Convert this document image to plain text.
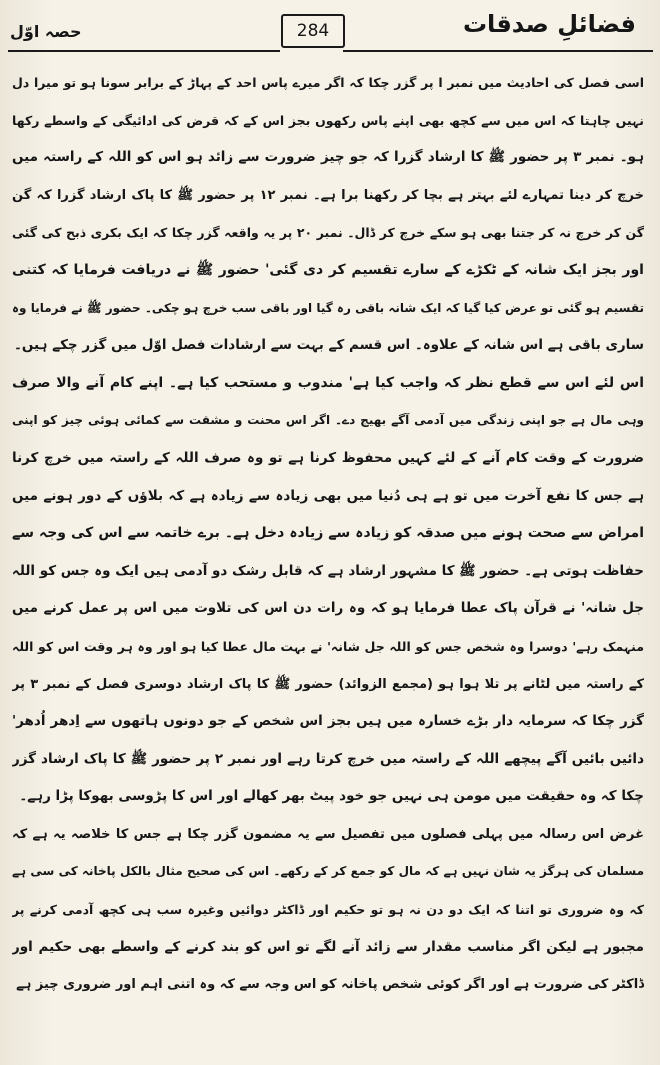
فضائلِ صدقات
284
حصہ اوّل
اسی فصل کی احادیث میں نمبر ا پر گزر چکا کہ اگر میرے پاس احد کے پہاڑ کے برابر سونا ہو تو میرا دل
نہیں چاہتا کہ اس میں سے کچھ بھی اپنے پاس رکھوں بجز اس کے کہ قرض کی ادائیگی کے واسطے رکھا
ہو۔ نمبر ۳ پر حضور ﷺ کا ارشاد گزرا کہ جو چیز ضرورت سے زائد ہو اس کو اللہ کے راستہ میں
خرچ کر دینا تمہارے لئے بہتر ہے بچا کر رکھنا برا ہے۔ نمبر ۱۲ پر حضور ﷺ کا پاک ارشاد گزرا کہ گن
گن کر خرچ نہ کر جتنا بھی ہو سکے خرچ کر ڈال۔ نمبر ۲۰ پر یہ واقعہ گزر چکا کہ ایک بکری ذبح کی گئی
اور بجز ایک شانہ کے ٹکڑے کے سارے تقسیم کر دی گئی' حضور ﷺ نے دریافت فرمایا کہ کتنی
تقسیم ہو گئی تو عرض کیا گیا کہ ایک شانہ باقی رہ گیا اور باقی سب خرچ ہو چکی۔ حضور ﷺ نے فرمایا وہ
ساری باقی ہے اس شانہ کے علاوہ۔ اس قسم کے بہت سے ارشادات فصل اوّل میں گزر چکے ہیں۔
اس لئے اس سے قطع نظر کہ واجب کیا ہے' مندوب و مستحب کیا ہے۔ اپنے کام آنے والا صرف
وہی مال ہے جو اپنی زندگی میں آدمی آگے بھیج دے۔ اگر اس محنت و مشقت سے کمائی ہوئی چیز کو اپنی
ضرورت کے وقت کام آنے کے لئے کہیں محفوظ کرنا ہے تو وہ صرف اللہ کے راستہ میں خرچ کرنا
ہے جس کا نفع آخرت میں تو ہے ہی دُنیا میں بھی زیادہ سے زیادہ ہے کہ بلاؤں کے دور ہونے میں
امراض سے صحت ہونے میں صدقہ کو زیادہ سے زیادہ دخل ہے۔ برے خاتمہ سے اس کی وجہ سے
حفاظت ہوتی ہے۔ حضور ﷺ کا مشہور ارشاد ہے کہ قابل رشک دو آدمی ہیں ایک وہ جس کو اللہ
جل شانہ' نے قرآن پاک عطا فرمایا ہو کہ وہ رات دن اس کی تلاوت میں اس پر عمل کرنے میں
منہمک رہے' دوسرا وہ شخص جس کو اللہ جل شانہ' نے بہت مال عطا کیا ہو اور وہ ہر وقت اس کو اللہ
کے راستہ میں لٹانے پر تلا ہوا ہو (مجمع الزوائد) حضور ﷺ کا پاک ارشاد دوسری فصل کے نمبر ۳ پر
گزر چکا کہ سرمایہ دار بڑے خسارہ میں ہیں بجز اس شخص کے جو دونوں ہاتھوں سے اِدھر اُدھر'
دائیں بائیں آگے پیچھے اللہ کے راستہ میں خرچ کرتا رہے اور نمبر ۲ پر حضور ﷺ کا پاک ارشاد گزر
چکا کہ وہ حقیقت میں مومن ہی نہیں جو خود پیٹ بھر کھالے اور اس کا پڑوسی بھوکا پڑا رہے۔
غرض اس رسالہ میں پہلی فصلوں میں تفصیل سے یہ مضمون گزر چکا ہے جس کا خلاصہ یہ ہے کہ
مسلمان کی ہرگز یہ شان نہیں ہے کہ مال کو جمع کر کے رکھے۔ اس کی صحیح مثال بالکل پاخانہ کی سی ہے
کہ وہ ضروری تو اتنا کہ ایک دو دن نہ ہو تو حکیم اور ڈاکٹر دوائیں وغیرہ سب ہی کچھ آدمی کرنے پر
مجبور ہے لیکن اگر مناسب مقدار سے زائد آنے لگے تو اس کو بند کرنے کے واسطے بھی حکیم اور
ڈاکٹر کی ضرورت ہے اور اگر کوئی شخص پاخانہ کو اس وجہ سے کہ وہ اتنی اہم اور ضروری چیز ہے
